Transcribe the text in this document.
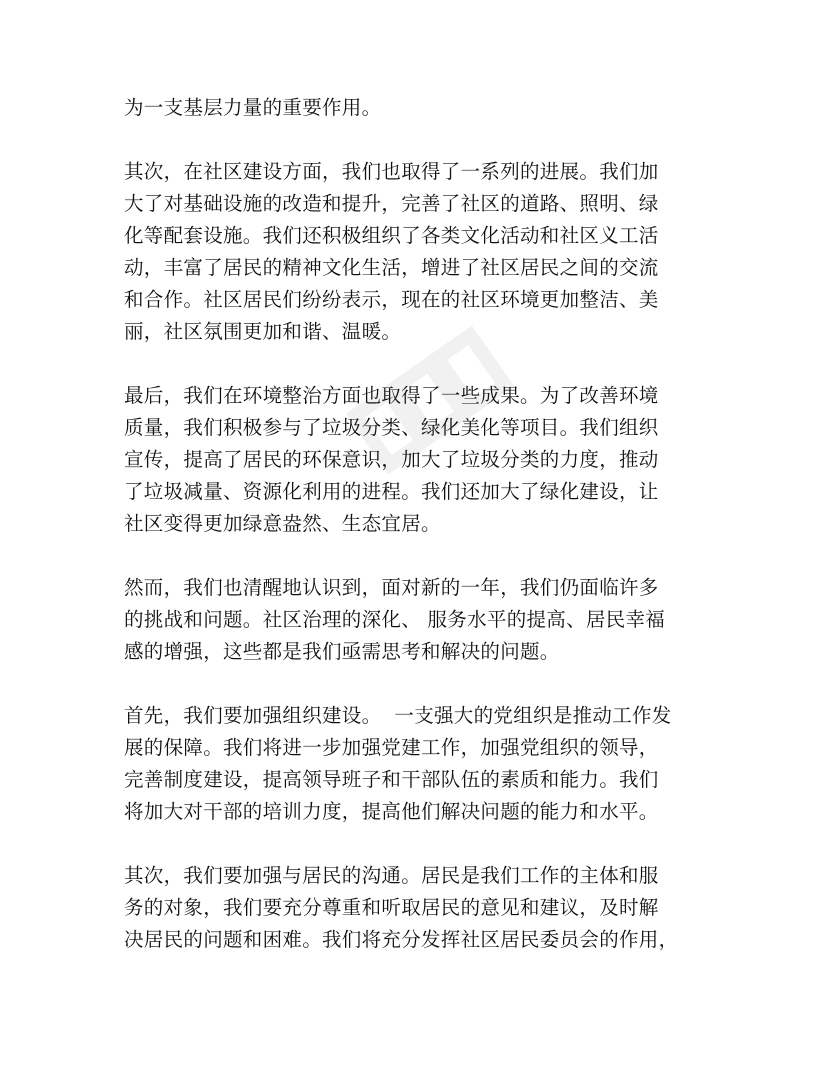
为一支基层力量的重要作用。
其次，在社区建设方面，我们也取得了一系列的进展。我们加
大了对基础设施的改造和提升，完善了社区的道路、照明、绿
化等配套设施。我们还积极组织了各类文化活动和社区义工活
动，丰富了居民的精神文化生活，增进了社区居民之间的交流
和合作。社区居民们纷纷表示，现在的社区环境更加整洁、美
丽，社区氛围更加和谐、温暖。
最后，我们在环境整治方面也取得了一些成果。为了改善环境
质量，我们积极参与了垃圾分类、绿化美化等项目。我们组织
宣传，提高了居民的环保意识，加大了垃圾分类的力度，推动
了垃圾减量、资源化利用的进程。我们还加大了绿化建设，让
社区变得更加绿意盎然、生态宜居。
然而，我们也清醒地认识到，面对新的一年，我们仍面临许多
的挑战和问题。社区治理的深化、 服务水平的提高、居民幸福
感的增强，这些都是我们亟需思考和解决的问题。
首先，我们要加强组织建设。  一支强大的党组织是推动工作发
展的保障。我们将进一步加强党建工作，加强党组织的领导，
完善制度建设，提高领导班子和干部队伍的素质和能力。我们
将加大对干部的培训力度，提高他们解决问题的能力和水平。
其次，我们要加强与居民的沟通。居民是我们工作的主体和服
务的对象，我们要充分尊重和听取居民的意见和建议，及时解
决居民的问题和困难。我们将充分发挥社区居民委员会的作用，
